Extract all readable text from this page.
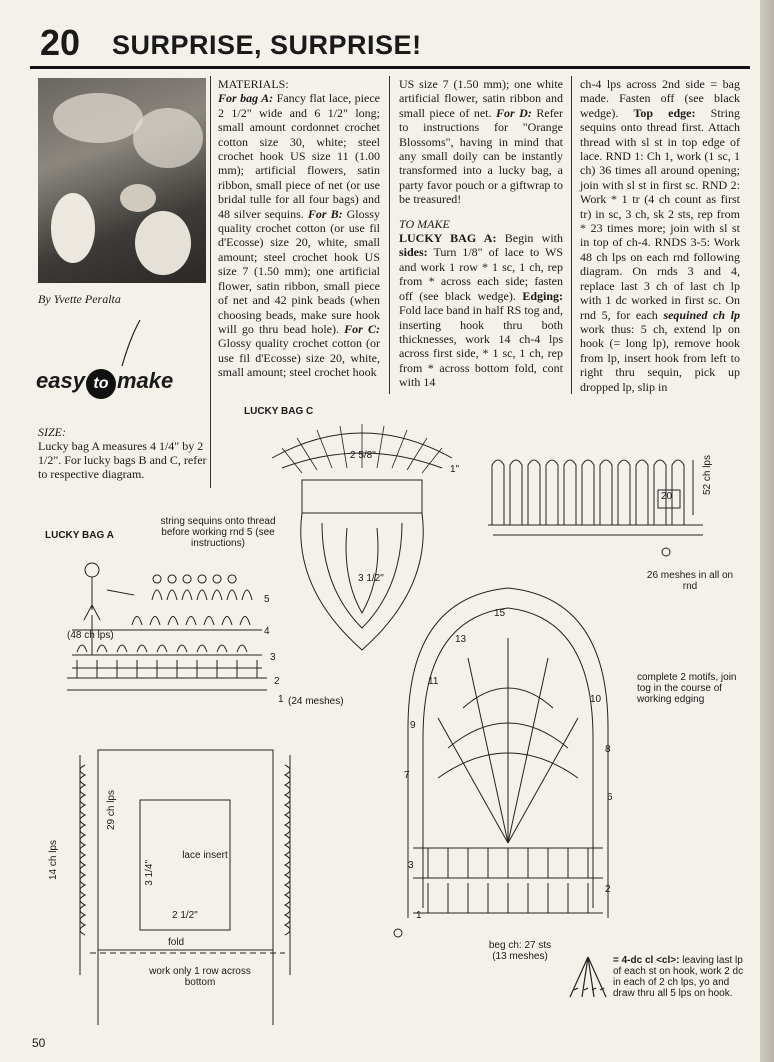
20 SURPRISE, SURPRISE!
By Yvette Peralta
easy to make
SIZE:
Lucky bag A measures 4 1/4" by 2 1/2". For lucky bags B and C, refer to respective diagram.
MATERIALS:
For bag A: Fancy flat lace, piece 2 1/2" wide and 6 1/2" long; small amount cordonnet crochet cotton size 30, white; steel crochet hook US size 11 (1.00 mm); artificial flowers, satin ribbon, small piece of net (or use bridal tulle for all four bags) and 48 silver sequins. For B: Glossy quality crochet cotton (or use fil d'Ecosse) size 20, white, small amount; steel crochet hook US size 7 (1.50 mm); one artificial flower, satin ribbon, small piece of net and 42 pink beads (when choosing beads, make sure hook will go thru bead hole). For C: Glossy quality crochet cotton (or use fil d'Ecosse) size 20, white, small amount; steel crochet hook
US size 7 (1.50 mm); one white artificial flower, satin ribbon and small piece of net. For D: Refer to instructions for "Orange Blossoms", having in mind that any small doily can be instantly transformed into a lucky bag, a party favor pouch or a giftwrap to be treasured!
TO MAKE
LUCKY BAG A: Begin with sides: Turn 1/8" of lace to WS and work 1 row * 1 sc, 1 ch, rep from * across each side; fasten off (see black wedge). Edging: Fold lace band in half RS tog and, inserting hook thru both thicknesses, work 14 ch-4 lps across first side, * 1 sc, 1 ch, rep from * across bottom fold, cont with 14
ch-4 lps across 2nd side = bag made. Fasten off (see black wedge). Top edge: String sequins onto thread first. Attach thread with sl st in top edge of lace. RND 1: Ch 1, work (1 sc, 1 ch) 36 times all around opening; join with sl st in first sc. RND 2: Work * 1 tr (4 ch count as first tr) in sc, 3 ch, sk 2 sts, rep from * 23 times more; join with sl st in top of ch-4. RNDS 3-5: Work 48 ch lps on each rnd following diagram. On rnds 3 and 4, replace last 3 ch of last ch lp with 1 dc worked in first sc. On rnd 5, for each sequined ch lp work thus: 5 ch, extend lp on hook (= long lp), remove hook from lp, insert hook from left to right thru sequin, pick up dropped lp, slip in
LUCKY BAG C
LUCKY BAG A
string sequins onto thread before working rnd 5 (see instructions)
2 5/8"
1"
3 1/2"
20
52 ch lps
26 meshes in all on rnd
5
4
3
2
1
(48 ch lps)
(24 meshes)
14 ch lps
29 ch lps
3 1/4"
lace insert
2 1/2"
fold
work only 1 row across bottom
15
13
11
10
9
8
7
6
3
2
1
complete 2 motifs, join tog in the course of working edging
beg ch: 27 sts (13 meshes)	= 4-dc cl <cl>: leaving last lp of each st on hook, work 2 dc in each of 2 ch lps, yo and draw thru all 5 lps on hook.
50
